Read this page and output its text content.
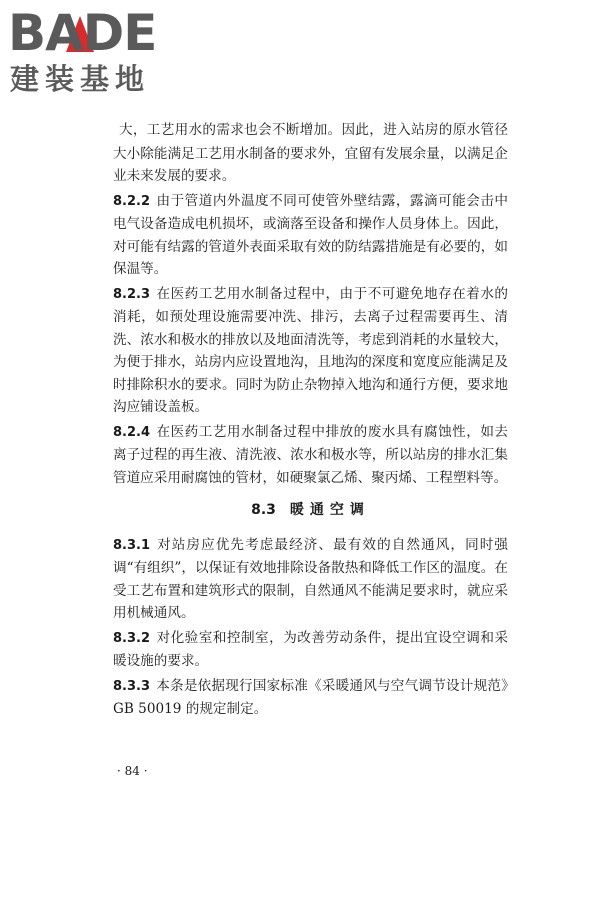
BADE
建装基地

大，工艺用水的需求也会不断增加。因此，进入站房的原水管径大小除能满足工艺用水制备的要求外，宜留有发展余量，以满足企业未来发展的要求。

8.2.2 由于管道内外温度不同可使管外壁结露，露滴可能会击中电气设备造成电机损坏，或滴落至设备和操作人员身体上。因此，对可能有结露的管道外表面采取有效的防结露措施是有必要的，如保温等。

8.2.3 在医药工艺用水制备过程中，由于不可避免地存在着水的消耗，如预处理设施需要冲洗、排污，去离子过程需要再生、清洗、浓水和极水的排放以及地面清洗等，考虑到消耗的水量较大，为便于排水，站房内应设置地沟，且地沟的深度和宽度应能满足及时排除积水的要求。同时为防止杂物掉入地沟和通行方便，要求地沟应铺设盖板。

8.2.4 在医药工艺用水制备过程中排放的废水具有腐蚀性，如去离子过程的再生液、清洗液、浓水和极水等，所以站房的排水汇集管道应采用耐腐蚀的管材，如硬聚氯乙烯、聚丙烯、工程塑料等。

8.3 暖通空调

8.3.1 对站房应优先考虑最经济、最有效的自然通风，同时强调“有组织”，以保证有效地排除设备散热和降低工作区的温度。在受工艺布置和建筑形式的限制，自然通风不能满足要求时，就应采用机械通风。

8.3.2 对化验室和控制室，为改善劳动条件，提出宜设空调和采暖设施的要求。

8.3.3 本条是依据现行国家标准《采暖通风与空气调节设计规范》GB 50019 的规定制定。

· 84 ·
